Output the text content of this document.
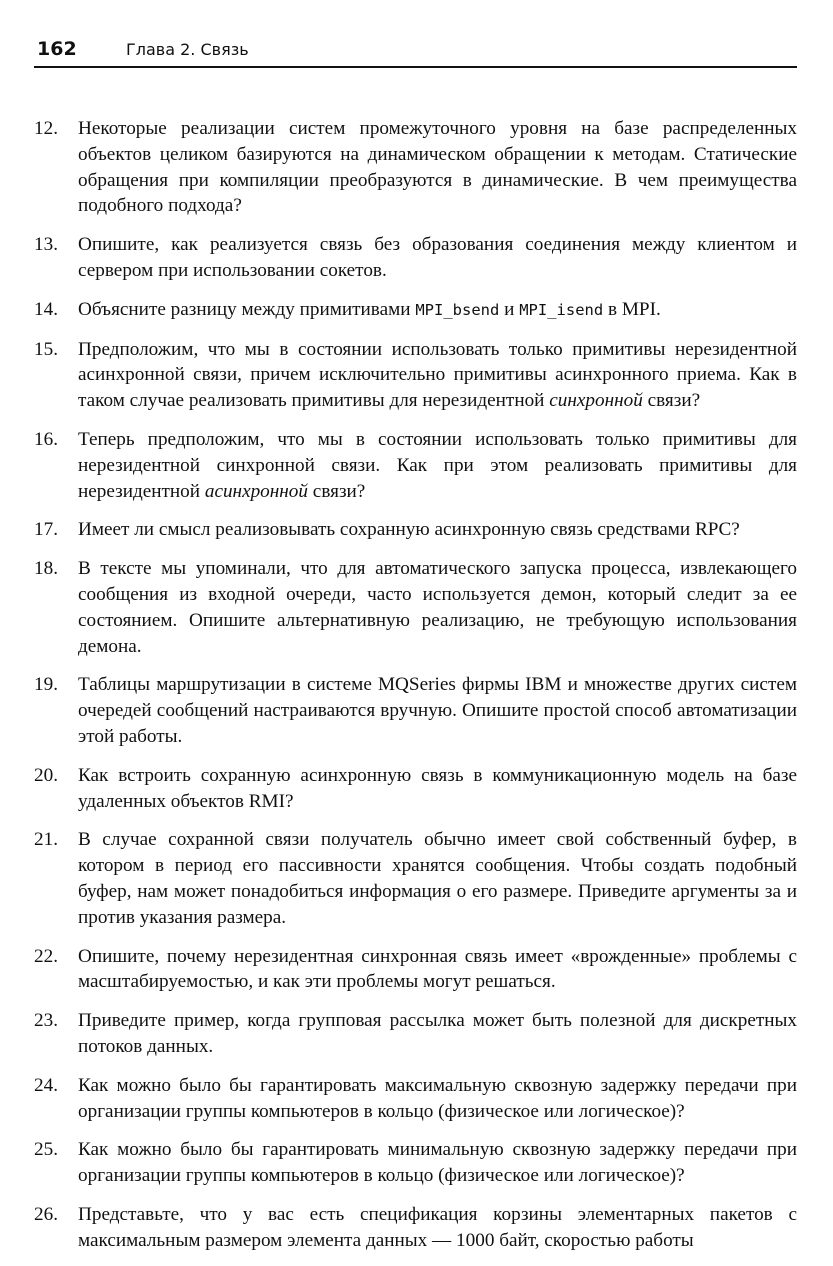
162	Глава 2. Связь
12.	Некоторые реализации систем промежуточного уровня на базе распределенных объектов целиком базируются на динамическом обращении к методам. Статические обращения при компиляции преобразуются в динамические. В чем преимущества подобного подхода?
13.	Опишите, как реализуется связь без образования соединения между клиентом и сервером при использовании сокетов.
14.	Объясните разницу между примитивами MPI_bsend и MPI_isend в MPI.
15.	Предположим, что мы в состоянии использовать только примитивы нерезидентной асинхронной связи, причем исключительно примитивы асинхронного приема. Как в таком случае реализовать примитивы для нерезидентной синхронной связи?
16.	Теперь предположим, что мы в состоянии использовать только примитивы для нерезидентной синхронной связи. Как при этом реализовать примитивы для нерезидентной асинхронной связи?
17.	Имеет ли смысл реализовывать сохранную асинхронную связь средствами RPC?
18.	В тексте мы упоминали, что для автоматического запуска процесса, извлекающего сообщения из входной очереди, часто используется демон, который следит за ее состоянием. Опишите альтернативную реализацию, не требующую использования демона.
19.	Таблицы маршрутизации в системе MQSeries фирмы IBM и множестве других систем очередей сообщений настраиваются вручную. Опишите простой способ автоматизации этой работы.
20.	Как встроить сохранную асинхронную связь в коммуникационную модель на базе удаленных объектов RMI?
21.	В случае сохранной связи получатель обычно имеет свой собственный буфер, в котором в период его пассивности хранятся сообщения. Чтобы создать подобный буфер, нам может понадобиться информация о его размере. Приведите аргументы за и против указания размера.
22.	Опишите, почему нерезидентная синхронная связь имеет «врожденные» проблемы с масштабируемостью, и как эти проблемы могут решаться.
23.	Приведите пример, когда групповая рассылка может быть полезной для дискретных потоков данных.
24.	Как можно было бы гарантировать максимальную сквозную задержку передачи при организации группы компьютеров в кольцо (физическое или логическое)?
25.	Как можно было бы гарантировать минимальную сквозную задержку передачи при организации группы компьютеров в кольцо (физическое или логическое)?
26.	Представьте, что у вас есть спецификация корзины элементарных пакетов с максимальным размером элемента данных — 1000 байт, скоростью работы
